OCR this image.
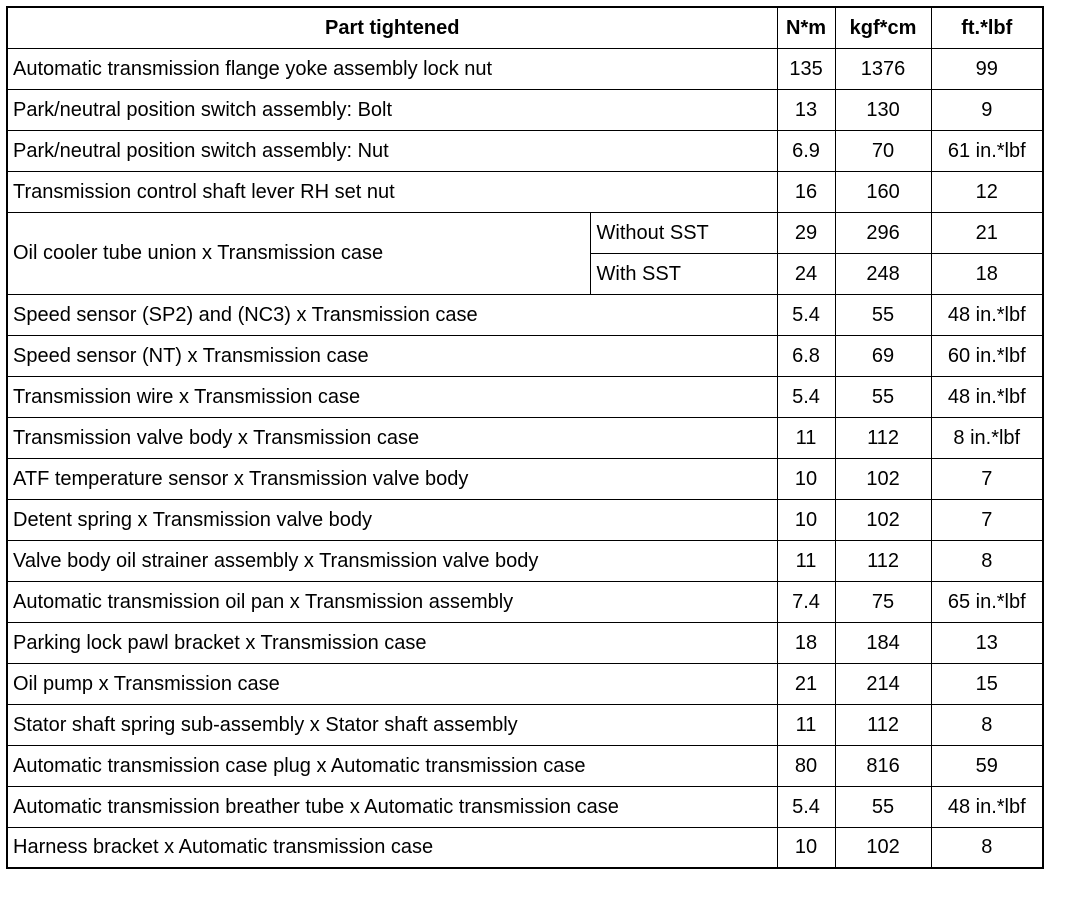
Part tightened		N*m	kgf*cm	ft.*lbf
Automatic transmission flange yoke assembly lock nut		135	1376	99
Park/neutral position switch assembly: Bolt		13	130	9
Park/neutral position switch assembly: Nut		6.9	70	61 in.*lbf
Transmission control shaft lever RH set nut		16	160	12
Oil cooler tube union x Transmission case	Without SST	29	296	21
	With SST	24	248	18
Speed sensor (SP2) and (NC3) x Transmission case		5.4	55	48 in.*lbf
Speed sensor (NT) x Transmission case		6.8	69	60 in.*lbf
Transmission wire x Transmission case		5.4	55	48 in.*lbf
Transmission valve body x Transmission case		11	112	8 in.*lbf
ATF temperature sensor x Transmission valve body		10	102	7
Detent spring x Transmission valve body		10	102	7
Valve body oil strainer assembly x Transmission valve body		11	112	8
Automatic transmission oil pan x Transmission assembly		7.4	75	65 in.*lbf
Parking lock pawl bracket x Transmission case		18	184	13
Oil pump x Transmission case		21	214	15
Stator shaft spring sub-assembly x Stator shaft assembly		11	112	8
Automatic transmission case plug x Automatic transmission case		80	816	59
Automatic transmission breather tube x Automatic transmission case		5.4	55	48 in.*lbf
Harness bracket x Automatic transmission case		10	102	8
